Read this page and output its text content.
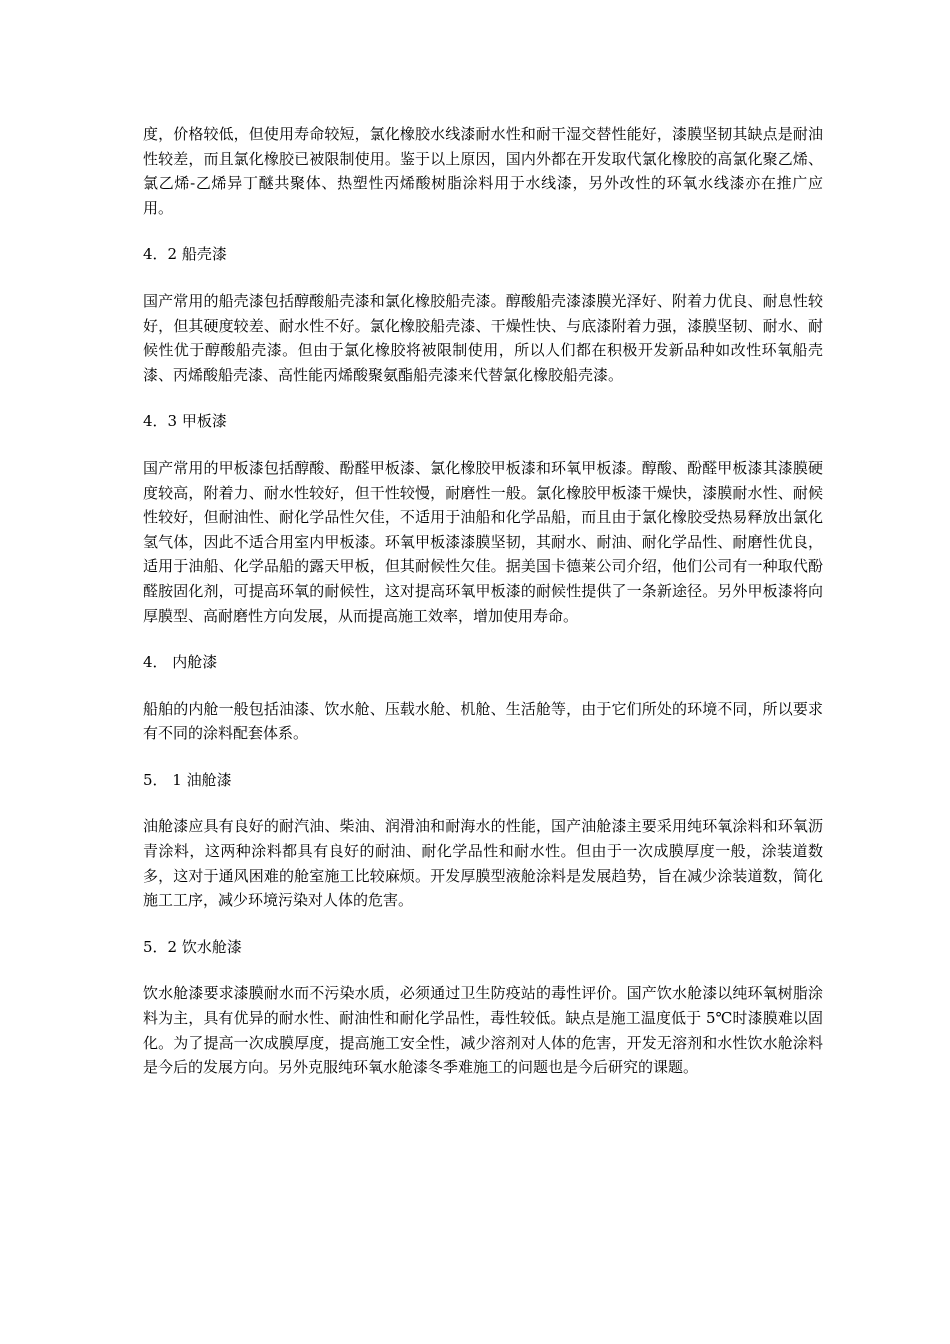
度，价格较低，但使用寿命较短，氯化橡胶水线漆耐水性和耐干湿交替性能好，漆膜坚韧其缺点是耐油性较差，而且氯化橡胶已被限制使用。鉴于以上原因，国内外都在开发取代氯化橡胶的高氯化聚乙烯、氯乙烯-乙烯异丁醚共聚体、热塑性丙烯酸树脂涂料用于水线漆，另外改性的环氧水线漆亦在推广应用。

4．2 船壳漆

国产常用的船壳漆包括醇酸船壳漆和氯化橡胶船壳漆。醇酸船壳漆漆膜光泽好、附着力优良、耐息性较好，但其硬度较差、耐水性不好。氯化橡胶船壳漆、干燥性快、与底漆附着力强，漆膜坚韧、耐水、耐候性优于醇酸船壳漆。但由于氯化橡胶将被限制使用，所以人们都在积极开发新品种如改性环氧船壳漆、丙烯酸船壳漆、高性能丙烯酸聚氨酯船壳漆来代替氯化橡胶船壳漆。

4．3 甲板漆

国产常用的甲板漆包括醇酸、酚醛甲板漆、氯化橡胶甲板漆和环氧甲板漆。醇酸、酚醛甲板漆其漆膜硬度较高，附着力、耐水性较好，但干性较慢，耐磨性一般。氯化橡胶甲板漆干燥快，漆膜耐水性、耐候性较好，但耐油性、耐化学品性欠佳，不适用于油船和化学品船，而且由于氯化橡胶受热易释放出氯化氢气体，因此不适合用室内甲板漆。环氧甲板漆漆膜坚韧，其耐水、耐油、耐化学品性、耐磨性优良，适用于油船、化学品船的露天甲板，但其耐候性欠佳。据美国卡德莱公司介绍，他们公司有一种取代酚醛胺固化剂，可提高环氧的耐候性，这对提高环氧甲板漆的耐候性提供了一条新途径。另外甲板漆将向厚膜型、高耐磨性方向发展，从而提高施工效率，增加使用寿命。

4． 内舱漆

船舶的内舱一般包括油漆、饮水舱、压载水舱、机舱、生活舱等，由于它们所处的环境不同，所以要求有不同的涂料配套体系。

5． 1 油舱漆

油舱漆应具有良好的耐汽油、柴油、润滑油和耐海水的性能，国产油舱漆主要采用纯环氧涂料和环氧沥青涂料，这两种涂料都具有良好的耐油、耐化学品性和耐水性。但由于一次成膜厚度一般，涂装道数多，这对于通风困难的舱室施工比较麻烦。开发厚膜型液舱涂料是发展趋势，旨在减少涂装道数，简化施工工序，减少环境污染对人体的危害。

5．2 饮水舱漆

饮水舱漆要求漆膜耐水而不污染水质，必须通过卫生防疫站的毒性评价。国产饮水舱漆以纯环氧树脂涂料为主，具有优异的耐水性、耐油性和耐化学品性，毒性较低。缺点是施工温度低于 5℃时漆膜难以固化。为了提高一次成膜厚度，提高施工安全性，减少溶剂对人体的危害，开发无溶剂和水性饮水舱涂料是今后的发展方向。另外克服纯环氧水舱漆冬季难施工的问题也是今后研究的课题。
